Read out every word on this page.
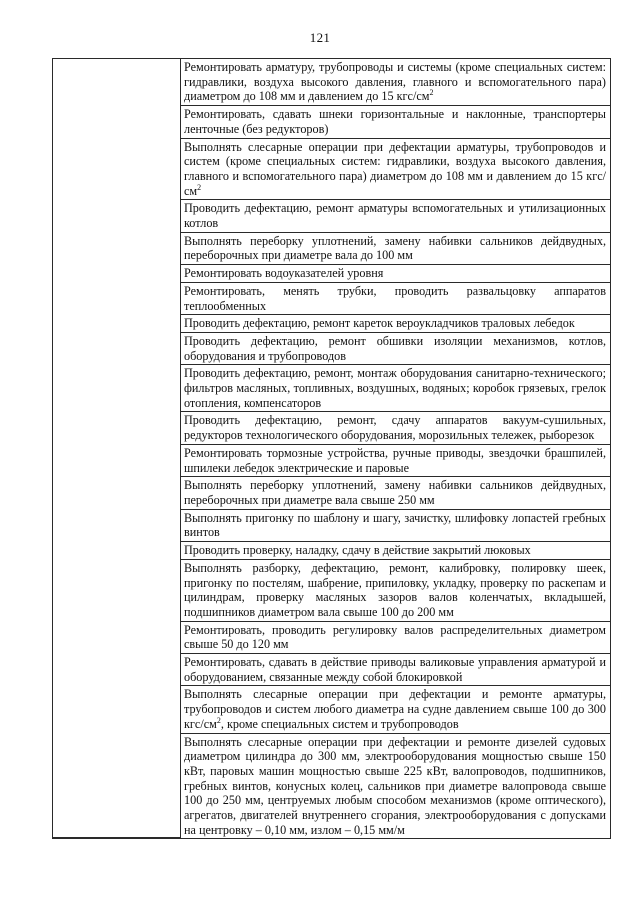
121

Ремонтировать арматуру, трубопроводы и системы (кроме специальных систем: гидравлики, воздуха высокого давления, главного и вспомогательного пара) диаметром до 108 мм и давлением до 15 кгс/$см^2$
Ремонтировать, сдавать шнеки горизонтальные и наклонные, транспортеры ленточные (без редукторов)
Выполнять слесарные операции при дефектации арматуры, трубопроводов и систем (кроме специальных систем: гидравлики, воздуха высокого давления, главного и вспомогательного пара) диаметром до 108 мм и давлением до 15 кгс/$см^2$
Проводить дефектацию, ремонт арматуры вспомогательных и утилизационных котлов
Выполнять переборку уплотнений, замену набивки сальников дейдвудных, переборочных при диаметре вала до 100 мм
Ремонтировать водоуказателей уровня
Ремонтировать, менять трубки, проводить развальцовку аппаратов теплообменных
Проводить дефектацию, ремонт кареток вероукладчиков траловых лебедок
Проводить дефектацию, ремонт обшивки изоляции механизмов, котлов, оборудования и трубопроводов
Проводить дефектацию, ремонт, монтаж оборудования санитарно-технического; фильтров масляных, топливных, воздушных, водяных; коробок грязевых, грелок отопления, компенсаторов
Проводить дефектацию, ремонт, сдачу аппаратов вакуум-сушильных, редукторов технологического оборудования, морозильных тележек, рыборезок
Ремонтировать тормозные устройства, ручные приводы, звездочки брашпилей, шпилеки лебедок электрические и паровые
Выполнять переборку уплотнений, замену набивки сальников дейдвудных, переборочных при диаметре вала свыше 250 мм
Выполнять пригонку по шаблону и шагу, зачистку, шлифовку лопастей гребных винтов
Проводить проверку, наладку, сдачу в действие закрытий люковых
Выполнять разборку, дефектацию, ремонт, калибровку, полировку шеек, пригонку по постелям, шабрение, припиловку, укладку, проверку по раскепам и цилиндрам, проверку масляных зазоров валов коленчатых, вкладышей, подшипников диаметром вала свыше 100 до 200 мм
Ремонтировать, проводить регулировку валов распределительных диаметром свыше 50 до 120 мм
Ремонтировать, сдавать в действие приводы валиковые управления арматурой и оборудованием, связанные между собой блокировкой
Выполнять слесарные операции при дефектации и ремонте арматуры, трубопроводов и систем любого диаметра на судне давлением свыше 100 до 300 кгс/$см^2$, кроме специальных систем и трубопроводов
Выполнять слесарные операции при дефектации и ремонте дизелей судовых диаметром цилиндра до 300 мм, электрооборудования мощностью свыше 150 кВт, паровых машин мощностью свыше 225 кВт, валопроводов, подшипников, гребных винтов, конусных колец, сальников при диаметре валопровода свыше 100 до 250 мм, центруемых любым способом механизмов (кроме оптического), агрегатов, двигателей внутреннего сгорания, электрооборудования с допусками на центровку – 0,10 мм, излом – 0,15 мм/м
